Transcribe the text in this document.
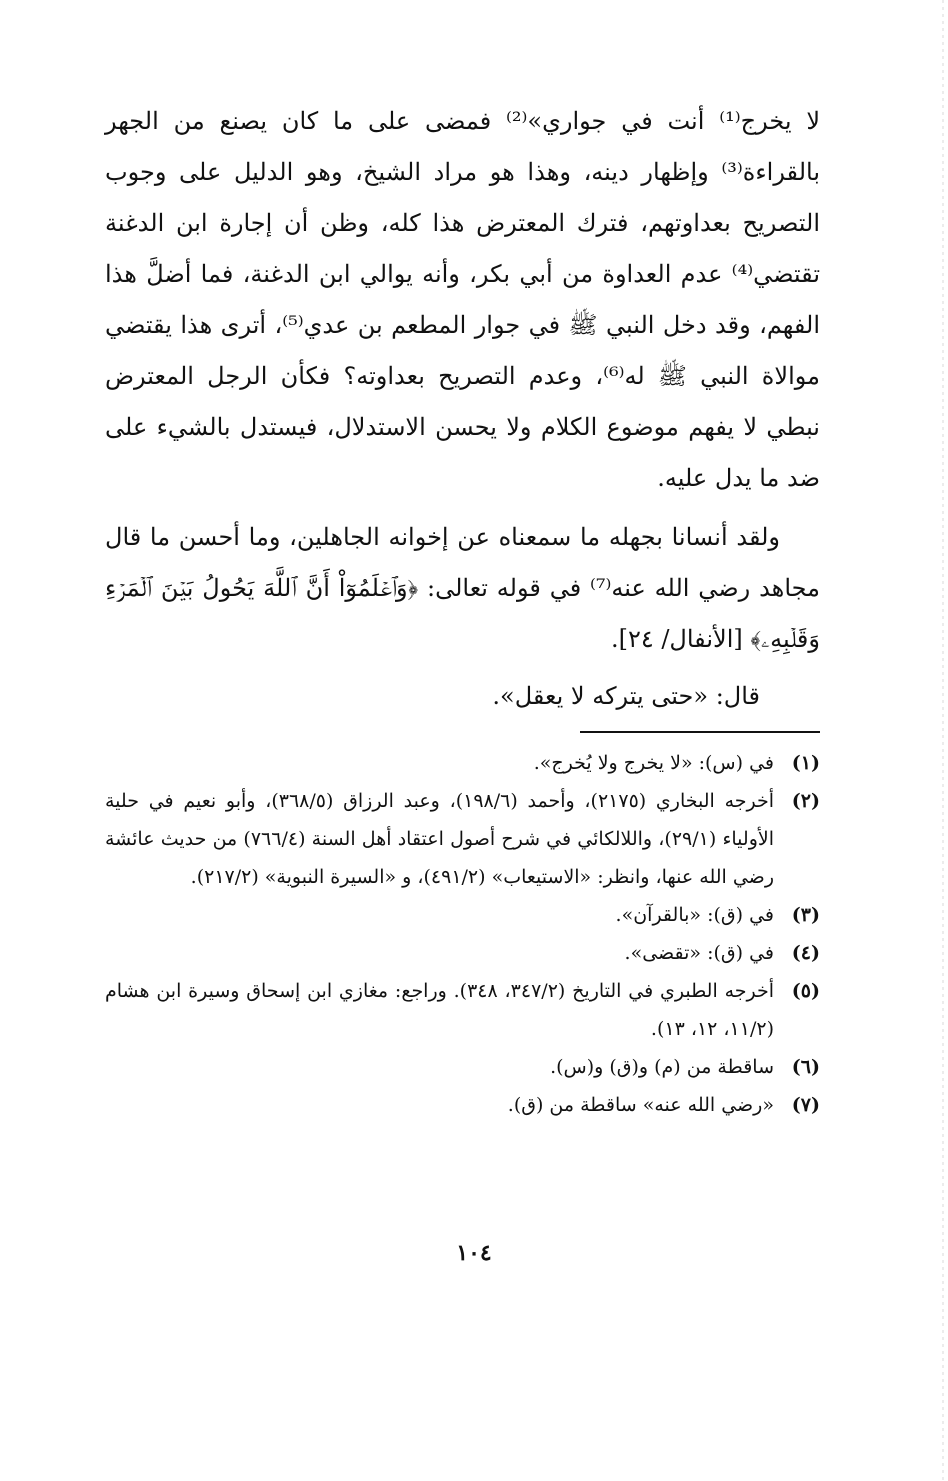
لا يخرج⁽¹⁾ أنت في جواري»⁽²⁾ فمضى على ما كان يصنع من الجهر بالقراءة⁽³⁾ وإظهار دينه، وهذا هو مراد الشيخ، وهو الدليل على وجوب التصريح بعداوتهم، فترك المعترض هذا كله، وظن أن إجارة ابن الدغنة تقتضي⁽⁴⁾ عدم العداوة من أبي بكر، وأنه يوالي ابن الدغنة، فما أضلَّ هذا الفهم، وقد دخل النبي ﷺ في جوار المطعم بن عدي⁽⁵⁾، أترى هذا يقتضي موالاة النبي ﷺ له⁽⁶⁾، وعدم التصريح بعداوته؟ فكأن الرجل المعترض نبطي لا يفهم موضوع الكلام ولا يحسن الاستدلال، فيستدل بالشيء على ضد ما يدل عليه.

ولقد أنسانا بجهله ما سمعناه عن إخوانه الجاهلين، وما أحسن ما قال مجاهد رضي الله عنه⁽⁷⁾ في قوله تعالى: ﴿وَٱعۡلَمُوٓاْ أَنَّ ٱللَّهَ يَحُولُ بَيۡنَ ٱلۡمَرۡءِ وَقَلۡبِهِۦ﴾ [الأنفال/ ٢٤].

قال: «حتى يتركه لا يعقل».

(١)
في (س): «لا يخرج ولا يُخرج».
(٢)
أخرجه البخاري (٢١٧٥)، وأحمد (١٩٨/٦)، وعبد الرزاق (٣٦٨/٥)، وأبو نعيم في حلية الأولياء (٢٩/١)، واللالكائي في شرح أصول اعتقاد أهل السنة (٧٦٦/٤) من حديث عائشة رضي الله عنها، وانظر: «الاستيعاب» (٤٩١/٢)، و «السيرة النبوية» (٢١٧/٢).
(٣)
في (ق): «بالقرآن».
(٤)
في (ق): «تقضى».
(٥)
أخرجه الطبري في التاريخ (٣٤٧/٢، ٣٤٨). وراجع: مغازي ابن إسحاق وسيرة ابن هشام (١١/٢، ١٢، ١٣).
(٦)
ساقطة من (م) و(ق) و(س).
(٧)
«رضي الله عنه» ساقطة من (ق).
١٠٤
